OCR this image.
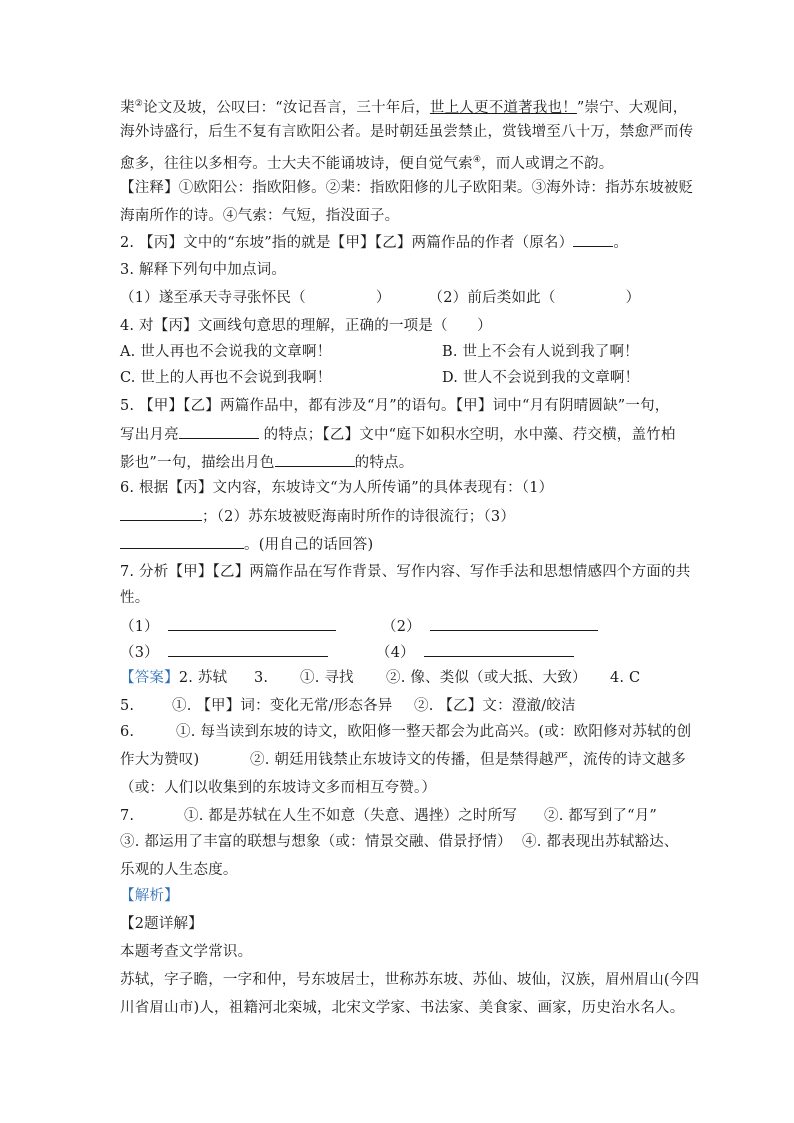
棐②论文及坡，公叹曰：“汝记吾言，三十年后，世上人更不道著我也！”崇宁、大观间，
海外诗盛行，后生不复有言欧阳公者。是时朝廷虽尝禁止，赏钱增至八十万，禁愈严而传
愈多，往往以多相夸。士大夫不能诵坡诗，便自觉气索④，而人或谓之不韵。
【注释】①欧阳公：指欧阳修。②棐：指欧阳修的儿子欧阳棐。③海外诗：指苏东坡被贬
海南所作的诗。④气索：气短，指没面子。
2. 【丙】文中的“东坡”指的就是【甲】【乙】两篇作品的作者（原名）	。
3. 解释下列句中加点词。
（1）遂至承天寺寻张怀民（	）	（2）前后类如此（	）
4. 对【丙】文画线句意思的理解，正确的一项是（　　）
A. 世人再也不会说我的文章啊！	B. 世上不会有人说到我了啊！
C. 世上的人再也不会说到我啊！	D. 世人不会说到我的文章啊！
5. 【甲】【乙】两篇作品中，都有涉及“月”的语句。【甲】词中“月有阴晴圆缺”一句，
写出月亮	的特点；【乙】文中“庭下如积水空明，水中藻、荇交横，盖竹柏
影也”一句，描绘出月色	的特点。
6. 根据【丙】文内容，东坡诗文“为人所传诵”的具体表现有：（1）
；（2）苏东坡被贬海南时所作的诗很流行；（3）
。(用自己的话回答)
7. 分析【甲】【乙】两篇作品在写作背景、写作内容、写作手法和思想情感四个方面的共
性。
（1）	（2）
（3）	（4）
【答案】2. 苏轼 3. ①. 寻找 ②. 像、类似（或大抵、大致） 4. C
5.	①. 【甲】词：变化无常/形态各异 ②. 【乙】文：澄澈/皎洁
6.	①. 每当读到东坡的诗文，欧阳修一整天都会为此高兴。(或：欧阳修对苏轼的创
作大为赞叹)	②. 朝廷用钱禁止东坡诗文的传播，但是禁得越严，流传的诗文越多
（或：人们以收集到的东坡诗文多而相互夸赞。）
7.	①. 都是苏轼在人生不如意（失意、遇挫）之时所写 ②. 都写到了“月”
③. 都运用了丰富的联想与想象（或：情景交融、借景抒情） ④. 都表现出苏轼豁达、
乐观的人生态度。
【解析】
【2题详解】
本题考查文学常识。
苏轼，字子瞻，一字和仲，号东坡居士，世称苏东坡、苏仙、坡仙，汉族，眉州眉山(今四
川省眉山市)人，祖籍河北栾城，北宋文学家、书法家、美食家、画家，历史治水名人。
